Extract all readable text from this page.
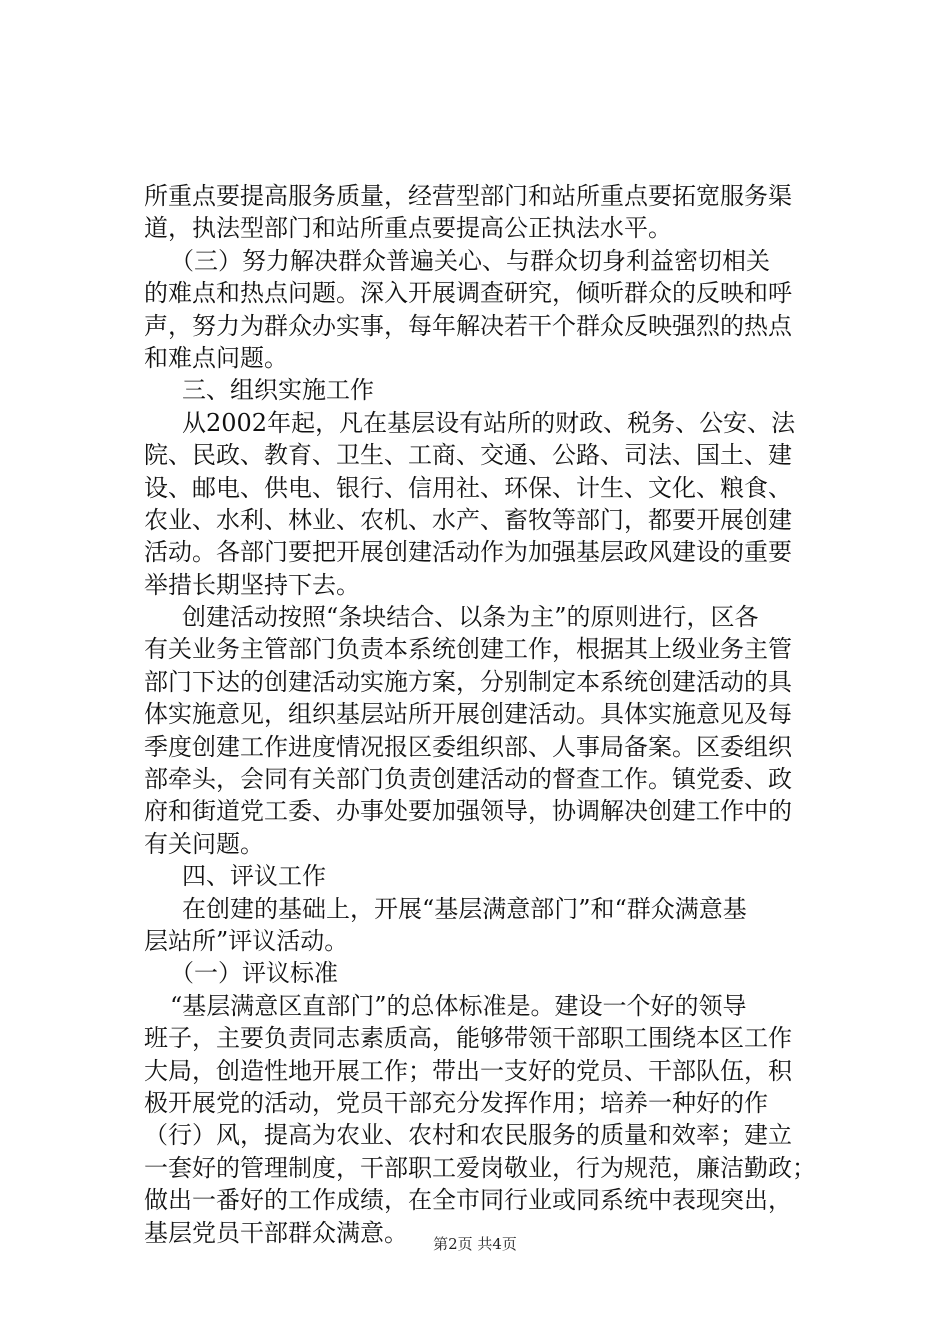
所重点要提高服务质量，经营型部门和站所重点要拓宽服务渠
道，执法型部门和站所重点要提高公正执法水平。
（三）努力解决群众普遍关心、与群众切身利益密切相关
的难点和热点问题。深入开展调查研究，倾听群众的反映和呼
声，努力为群众办实事，每年解决若干个群众反映强烈的热点
和难点问题。
三、组织实施工作
从2002年起，凡在基层设有站所的财政、税务、公安、法
院、民政、教育、卫生、工商、交通、公路、司法、国土、建
设、邮电、供电、银行、信用社、环保、计生、文化、粮食、
农业、水利、林业、农机、水产、畜牧等部门，都要开展创建
活动。各部门要把开展创建活动作为加强基层政风建设的重要
举措长期坚持下去。
创建活动按照“条块结合、以条为主”的原则进行，区各
有关业务主管部门负责本系统创建工作，根据其上级业务主管
部门下达的创建活动实施方案，分别制定本系统创建活动的具
体实施意见，组织基层站所开展创建活动。具体实施意见及每
季度创建工作进度情况报区委组织部、人事局备案。区委组织
部牵头，会同有关部门负责创建活动的督查工作。镇党委、政
府和街道党工委、办事处要加强领导，协调解决创建工作中的
有关问题。
四、评议工作
在创建的基础上，开展“基层满意部门”和“群众满意基
层站所”评议活动。
（一）评议标准
“基层满意区直部门”的总体标准是。建设一个好的领导
班子，主要负责同志素质高，能够带领干部职工围绕本区工作
大局，创造性地开展工作；带出一支好的党员、干部队伍，积
极开展党的活动，党员干部充分发挥作用；培养一种好的作
（行）风，提高为农业、农村和农民服务的质量和效率；建立
一套好的管理制度，干部职工爱岗敬业，行为规范，廉洁勤政；
做出一番好的工作成绩，在全市同行业或同系统中表现突出，
基层党员干部群众满意。	第2页 共4页
